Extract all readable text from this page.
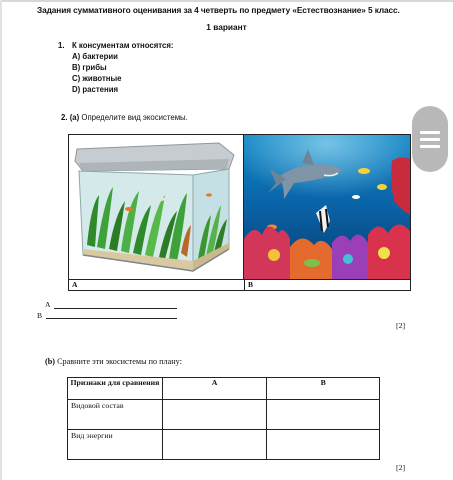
Задания суммативного оценивания за 4 четверть по предмету «Естествознание» 5 класс.
1 вариант
1. К консументам относятся:
А) бактерии
В) грибы
С) животные
D) растения
2. (a) Определите вид экосистемы.
A	B
A
B
[2]
(b) Сравните эти экосистемы по плану:
Признаки для сравнения	А	В
Видовой состав		
Вид энергии		
[2]
